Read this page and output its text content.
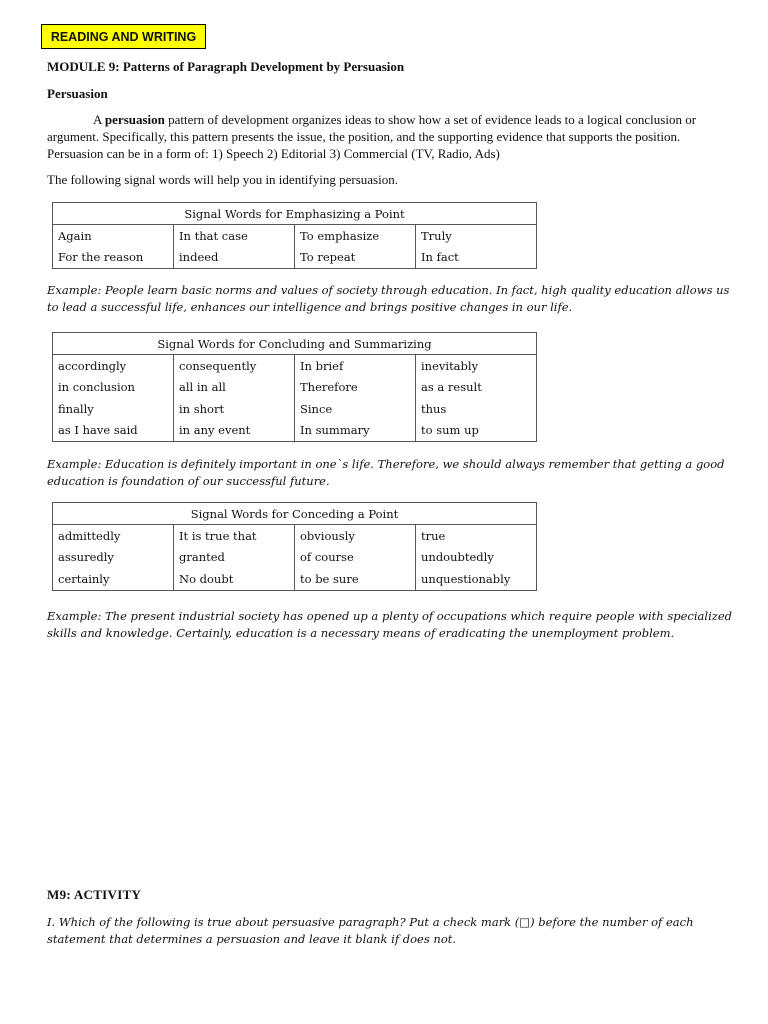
READING AND WRITING
MODULE 9: Patterns of Paragraph Development by Persuasion
Persuasion
A persuasion pattern of development organizes ideas to show how a set of evidence leads to a logical conclusion or argument. Specifically, this pattern presents the issue, the position, and the supporting evidence that supports the position. Persuasion can be in a form of: 1) Speech 2) Editorial 3) Commercial (TV, Radio, Ads)
The following signal words will help you in identifying persuasion.
Signal Words for Emphasizing a Point			
Again	In that case	To emphasize	Truly
For the reason	indeed	To repeat	In fact
Example: People learn basic norms and values of society through education. In fact, high quality education allows us to lead a successful life, enhances our intelligence and brings positive changes in our life.
Signal Words for Concluding and Summarizing			
accordingly	consequently	In brief	inevitably
in conclusion	all in all	Therefore	as a result
finally	in short	Since	thus
as I have said	in any event	In summary	to sum up
Example: Education is definitely important in one`s life. Therefore, we should always remember that getting a good education is foundation of our successful future.
Signal Words for Conceding a Point			
admittedly	It is true that	obviously	true
assuredly	granted	of course	undoubtedly
certainly	No doubt	to be sure	unquestionably
Example: The present industrial society has opened up a plenty of occupations which require people with specialized skills and knowledge. Certainly, education is a necessary means of eradicating the unemployment problem.
M9: ACTIVITY
I. Which of the following is true about persuasive paragraph? Put a check mark (□) before the number of each statement that determines a persuasion and leave it blank if does not.
